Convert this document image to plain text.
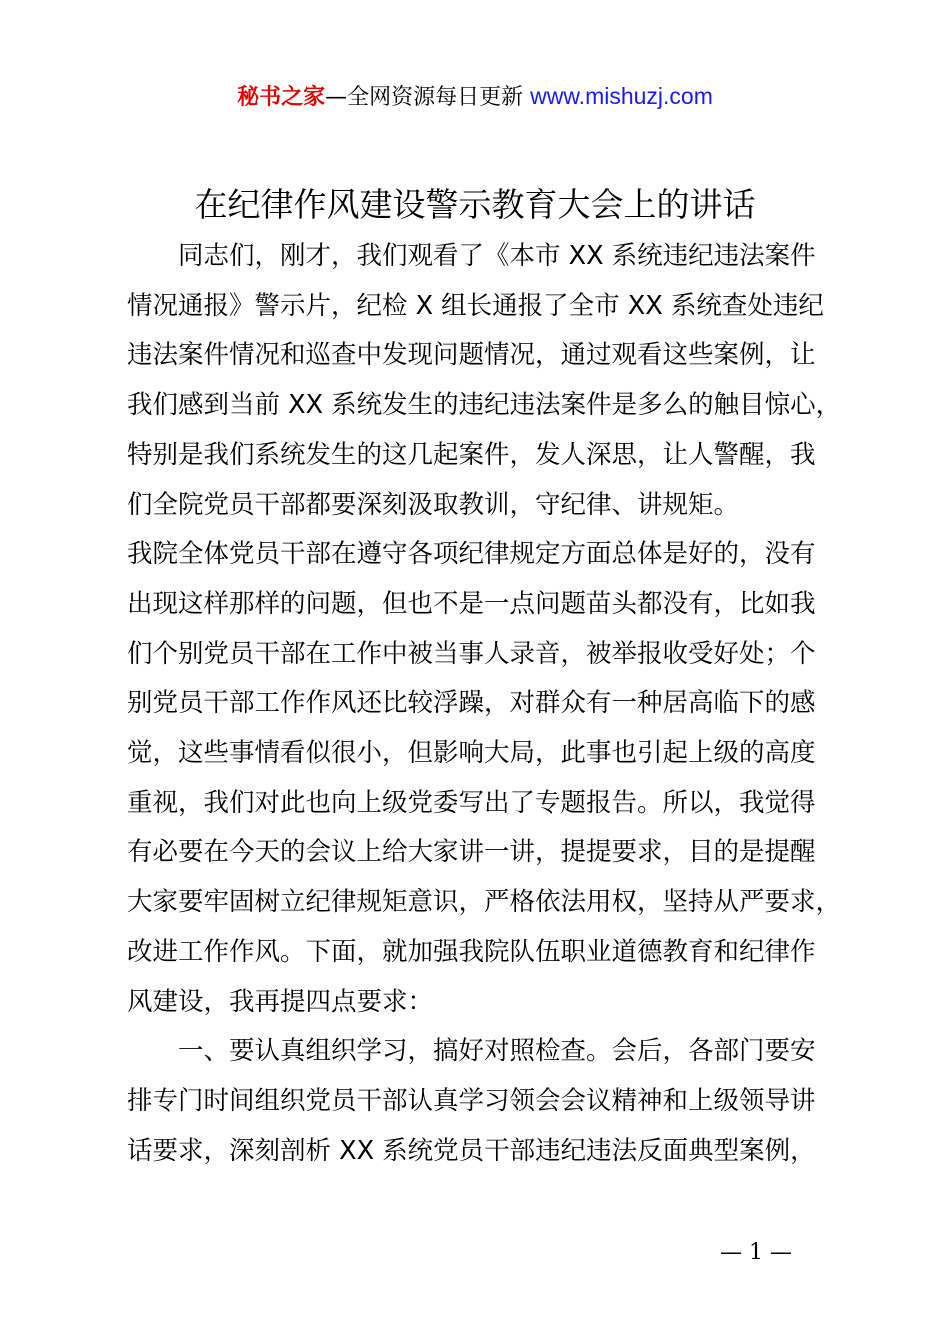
秘书之家—全网资源每日更新 www.mishuzj.com
在纪律作风建设警示教育大会上的讲话

同志们，刚才，我们观看了《本市 XX 系统违纪违法案件
情况通报》警示片，纪检 X 组长通报了全市 XX 系统查处违纪
违法案件情况和巡查中发现问题情况，通过观看这些案例，让
我们感到当前 XX 系统发生的违纪违法案件是多么的触目惊心，
特别是我们系统发生的这几起案件，发人深思，让人警醒，我
们全院党员干部都要深刻汲取教训，守纪律、讲规矩。

我院全体党员干部在遵守各项纪律规定方面总体是好的，没有
出现这样那样的问题，但也不是一点问题苗头都没有，比如我
们个别党员干部在工作中被当事人录音，被举报收受好处；个
别党员干部工作作风还比较浮躁，对群众有一种居高临下的感
觉，这些事情看似很小，但影响大局，此事也引起上级的高度
重视，我们对此也向上级党委写出了专题报告。所以，我觉得
有必要在今天的会议上给大家讲一讲，提提要求，目的是提醒
大家要牢固树立纪律规矩意识，严格依法用权，坚持从严要求，
改进工作作风。下面，就加强我院队伍职业道德教育和纪律作
风建设，我再提四点要求：

一、要认真组织学习，搞好对照检查。会后，各部门要安
排专门时间组织党员干部认真学习领会会议精神和上级领导讲
话要求，深刻剖析 XX 系统党员干部违纪违法反面典型案例，

— 1 —
